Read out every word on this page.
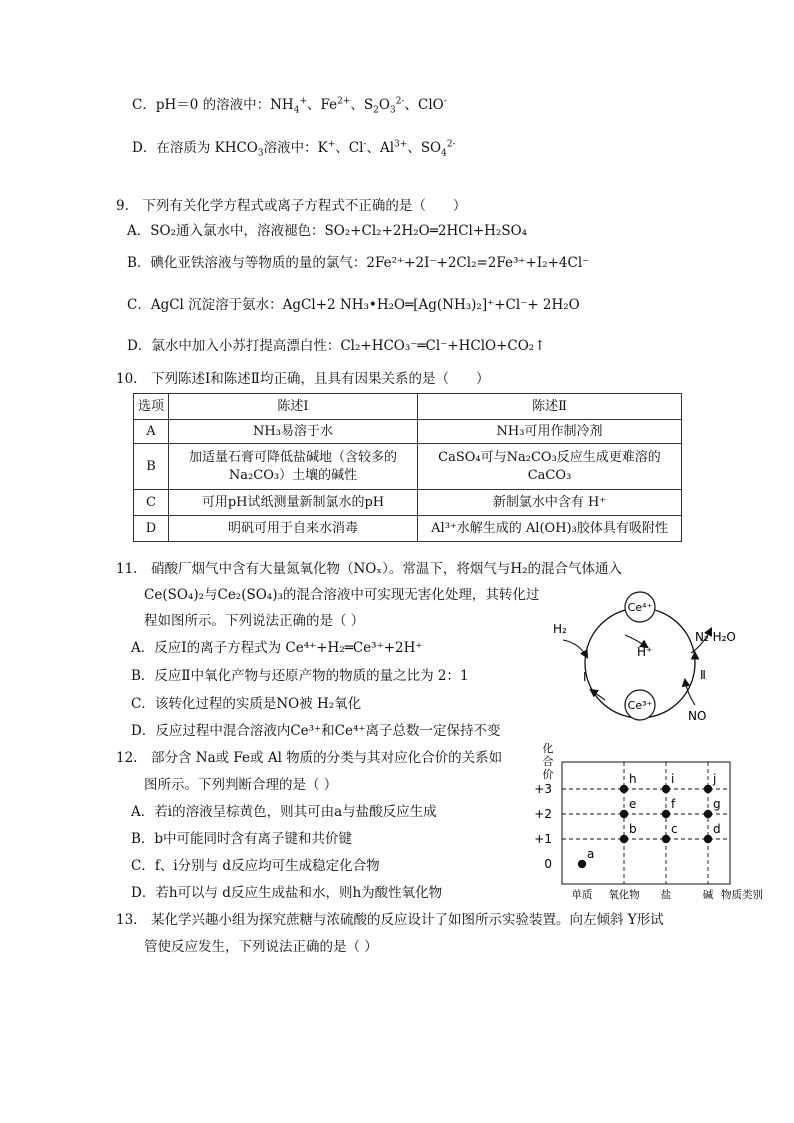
C．pH＝0 的溶液中：$NH_4^+$、$Fe^{2+}$、$S_2O_3^{2-}$、ClO-
D．在溶质为 $KHCO_3$溶液中：K+、Cl-、$Al^{3+}$、$SO_4^{2-}$
9.　下列有关化学方程式或离子方程式不正确的是（　　）
A．SO₂通入氯水中，溶液褪色：SO₂+Cl₂+2H₂O═2HCl+H₂SO₄
B．碘化亚铁溶液与等物质的量的氯气：2Fe²⁺+2I⁻+2Cl₂=2Fe³⁺+I₂+4Cl⁻
C．AgCl 沉淀溶于氨水：AgCl+2 NH₃•H₂O═[Ag(NH₃)₂]⁺+Cl⁻+ 2H₂O
D．氯水中加入小苏打提高漂白性：Cl₂+HCO₃⁻═Cl⁻+HClO+CO₂↑
10.　下列陈述Ⅰ和陈述Ⅱ均正确，且具有因果关系的是（　　）
选项	陈述Ⅰ	陈述Ⅱ
A	NH₃易溶于水	NH₃可用作制冷剂
B	加适量石膏可降低盐碱地（含较多的Na₂CO₃）土壤的碱性	CaSO₄可与Na₂CO₃反应生成更难溶的CaCO₃
C	可用pH试纸测量新制氯水的pH	新制氯水中含有 H⁺
D	明矾可用于自来水消毒	Al³⁺水解生成的 Al(OH)₃胶体具有吸附性
11.　硝酸厂烟气中含有大量氮氧化物（NOₓ）。常温下，将烟气与H₂的混合气体通入
Ce(SO₄)₂与Ce₂(SO₄)₃的混合溶液中可实现无害化处理，其转化过
程如图所示。下列说法正确的是（ ）
A．反应Ⅰ的离子方程式为 Ce⁴⁺+H₂═Ce³⁺+2H⁺
B．反应Ⅱ中氧化产物与还原产物的物质的量之比为 2：1
C．该转化过程的实质是NO被 H₂氧化
D．反应过程中混合溶液内Ce³⁺和Ce⁴⁺离子总数一定保持不变
Ce⁴⁺
Ce³⁺
H⁺
H₂
N₂ H₂O
NO
Ⅰ	Ⅱ
12.　部分含 Na或 Fe或 Al 物质的分类与其对应化合价的关系如
图所示。下列判断合理的是（ ）
A．若i的溶液呈棕黄色，则其可由a与盐酸反应生成
B．b中可能同时含有离子键和共价键
C．f、i分别与 d反应均可生成稳定化合物
D．若h可以与 d反应生成盐和水，则h为酸性氧化物
化
合
价
+3
+2
+1
0
单质 氧化物 盐	碱 物质类别
a
b	c	d
e	f	g
h	i	j
13.　某化学兴趣小组为探究蔗糖与浓硫酸的反应设计了如图所示实验装置。向左倾斜 Y形试
管使反应发生，下列说法正确的是（ ）
